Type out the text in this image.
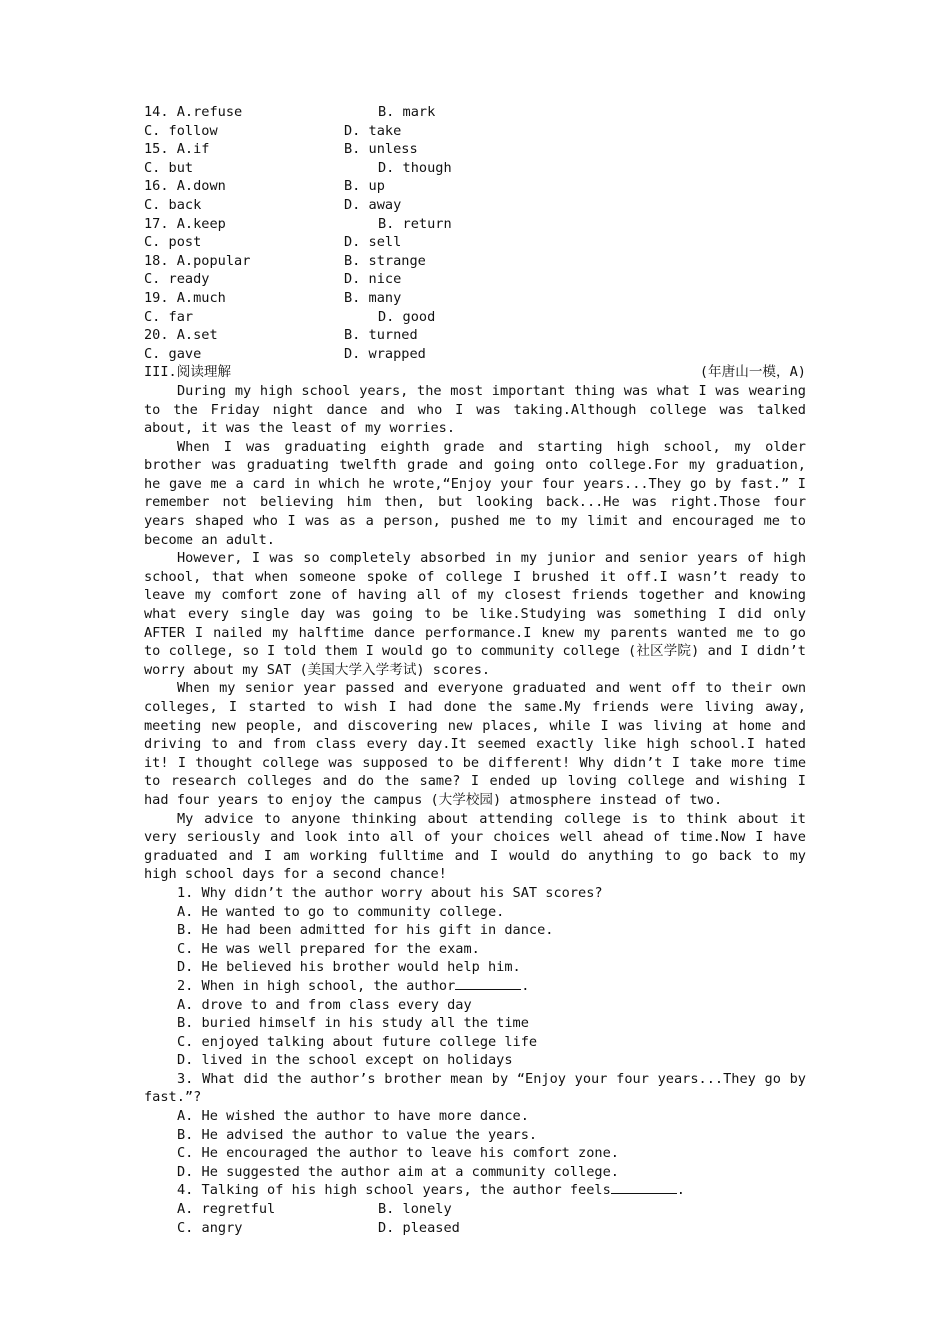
14. A.refuse	B. mark
C. follow	D. take
15. A.if	B. unless
C. but	D. though
16. A.down	B. up
C. back	D. away
17. A.keep	B. return
C. post	D. sell
18. A.popular	B. strange
C. ready	D. nice
19. A.much	B. many
C. far	D. good
20. A.set	B. turned
C. gave	D. wrapped
III.阅读理解	(年唐山一模，A)

During my high school years, the most important thing was what I was wearing to the Friday night dance and who I was taking.Although college was talked about, it was the least of my worries.

When I was graduating eighth grade and starting high school, my older brother was graduating twelfth grade and going onto college.For my graduation, he gave me a card in which he wrote,“Enjoy your four years...They go by fast.” I remember not believing him then, but looking back...He was right.Those four years shaped who I was as a person, pushed me to my limit and encouraged me to become an adult.

However, I was so completely absorbed in my junior and senior years of high school, that when someone spoke of college I brushed it off.I wasn’t ready to leave my comfort zone of having all of my closest friends together and knowing what every single day was going to be like.Studying was something I did only AFTER I nailed my halftime dance performance.I knew my parents wanted me to go to college, so I told them I would go to community college (社区学院) and I didn’t worry about my SAT (美国大学入学考试) scores.

When my senior year passed and everyone graduated and went off to their own colleges, I started to wish I had done the same.My friends were living away, meeting new people, and discovering new places, while I was living at home and driving to and from class every day.It seemed exactly like high school.I hated it! I thought college was supposed to be different! Why didn’t I take more time to research colleges and do the same? I ended up loving college and wishing I had four years to enjoy the campus (大学校园) atmosphere instead of two.

My advice to anyone thinking about attending college is to think about it very seriously and look into all of your choices well ahead of time.Now I have graduated and I am working fulltime and I would do anything to go back to my high school days for a second chance!

1. Why didn’t the author worry about his SAT scores?
A. He wanted to go to community college.
B. He had been admitted for his gift in dance.
C. He was well prepared for the exam.
D. He believed his brother would help him.
2. When in high school, the author	.
A. drove to and from class every day
B. buried himself in his study all the time
C. enjoyed talking about future college life
D. lived in the school except on holidays

3. What did the author’s brother mean by “Enjoy your four years...They go by fast.”?

A. He wished the author to have more dance.
B. He advised the author to value the years.
C. He encouraged the author to leave his comfort zone.
D. He suggested the author aim at a community college.
4. Talking of his high school years, the author feels	.
A. regretful	B. lonely
C. angry	D. pleased
